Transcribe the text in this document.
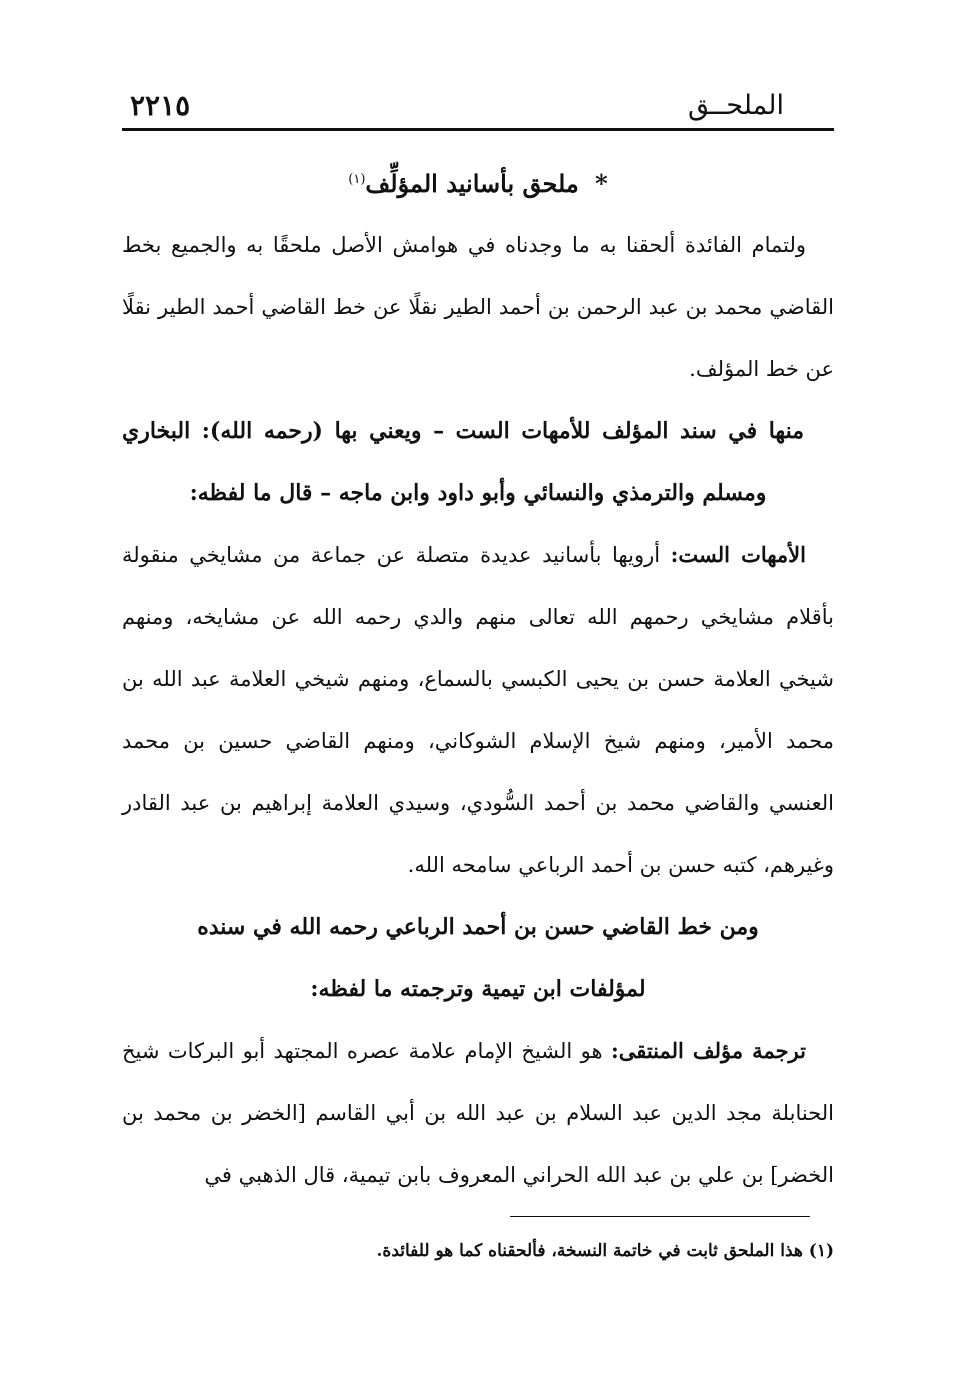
الملحــق
٢٢١٥
* ملحق بأسانيد المؤلِّف$^{(١)}$

ولتمام الفائدة ألحقنا به ما وجدناه في هوامش الأصل ملحقًا به والجميع بخط القاضي محمد بن عبد الرحمن بن أحمد الطير نقلًا عن خط القاضي أحمد الطير نقلًا عن خط المؤلف.

منها في سند المؤلف للأمهات الست – ويعني بها (رحمه الله): البخاري
ومسلم والترمذي والنسائي وأبو داود وابن ماجه – قال ما لفظه:

الأمهات الست: أرويها بأسانيد عديدة متصلة عن جماعة من مشايخي منقولة بأقلام مشايخي رحمهم الله تعالى منهم والدي رحمه الله عن مشايخه، ومنهم شيخي العلامة حسن بن يحيى الكبسي بالسماع، ومنهم شيخي العلامة عبد الله بن محمد الأمير، ومنهم شيخ الإسلام الشوكاني، ومنهم القاضي حسين بن محمد العنسي والقاضي محمد بن أحمد السُّودي، وسيدي العلامة إبراهيم بن عبد القادر وغيرهم، كتبه حسن بن أحمد الرباعي سامحه الله.

ومن خط القاضي حسن بن أحمد الرباعي رحمه الله في سنده
لمؤلفات ابن تيمية وترجمته ما لفظه:

ترجمة مؤلف المنتقى: هو الشيخ الإمام علامة عصره المجتهد أبو البركات شيخ الحنابلة مجد الدين عبد السلام بن عبد الله بن أبي القاسم [الخضر بن محمد بن الخضر] بن علي بن عبد الله الحراني المعروف بابن تيمية، قال الذهبي في

(١) هذا الملحق ثابت في خاتمة النسخة، فألحقناه كما هو للفائدة.
